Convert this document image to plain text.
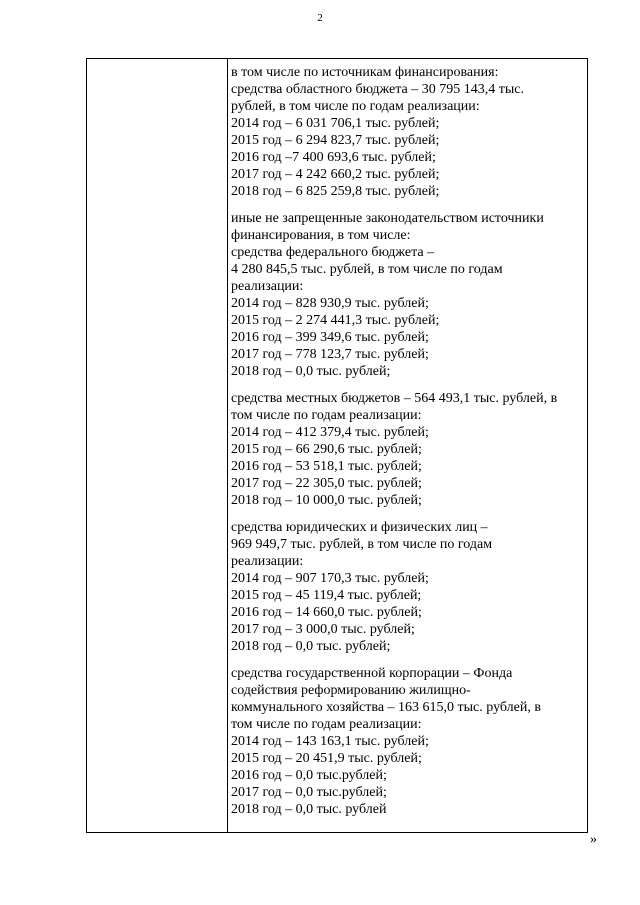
2
в том числе по источникам финансирования:
средства областного бюджета – 30 795 143,4 тыс.
рублей, в том числе по годам реализации:
2014 год – 6 031 706,1 тыс. рублей;
2015 год – 6 294 823,7 тыс. рублей;
2016 год –7 400 693,6 тыс. рублей;
2017 год – 4 242 660,2 тыс. рублей;
2018 год – 6 825 259,8 тыс. рублей;
иные не запрещенные законодательством источники
финансирования, в том числе:
средства федерального бюджета –
4 280 845,5 тыс. рублей, в том числе по годам
реализации:
2014 год – 828 930,9 тыс. рублей;
2015 год – 2 274 441,3 тыс. рублей;
2016 год – 399 349,6 тыс. рублей;
2017 год – 778 123,7 тыс. рублей;
2018 год – 0,0 тыс. рублей;
средства местных бюджетов – 564 493,1 тыс. рублей, в
том числе по годам реализации:
2014 год – 412 379,4 тыс. рублей;
2015 год – 66 290,6 тыс. рублей;
2016 год – 53 518,1 тыс. рублей;
2017 год – 22 305,0 тыс. рублей;
2018 год – 10 000,0 тыс. рублей;
средства юридических и физических лиц –
969 949,7 тыс. рублей, в том числе по годам
реализации:
2014 год – 907 170,3 тыс. рублей;
2015 год – 45 119,4 тыс. рублей;
2016 год – 14 660,0 тыс. рублей;
2017 год – 3 000,0 тыс. рублей;
2018 год – 0,0 тыс. рублей;
средства государственной корпорации – Фонда
содействия реформированию жилищно-
коммунального хозяйства – 163 615,0 тыс. рублей, в
том числе по годам реализации:
2014 год – 143 163,1 тыс. рублей;
2015 год – 20 451,9 тыс. рублей;
2016 год – 0,0 тыс.рублей;
2017 год – 0,0 тыс.рублей;
2018 год – 0,0 тыс. рублей
»
